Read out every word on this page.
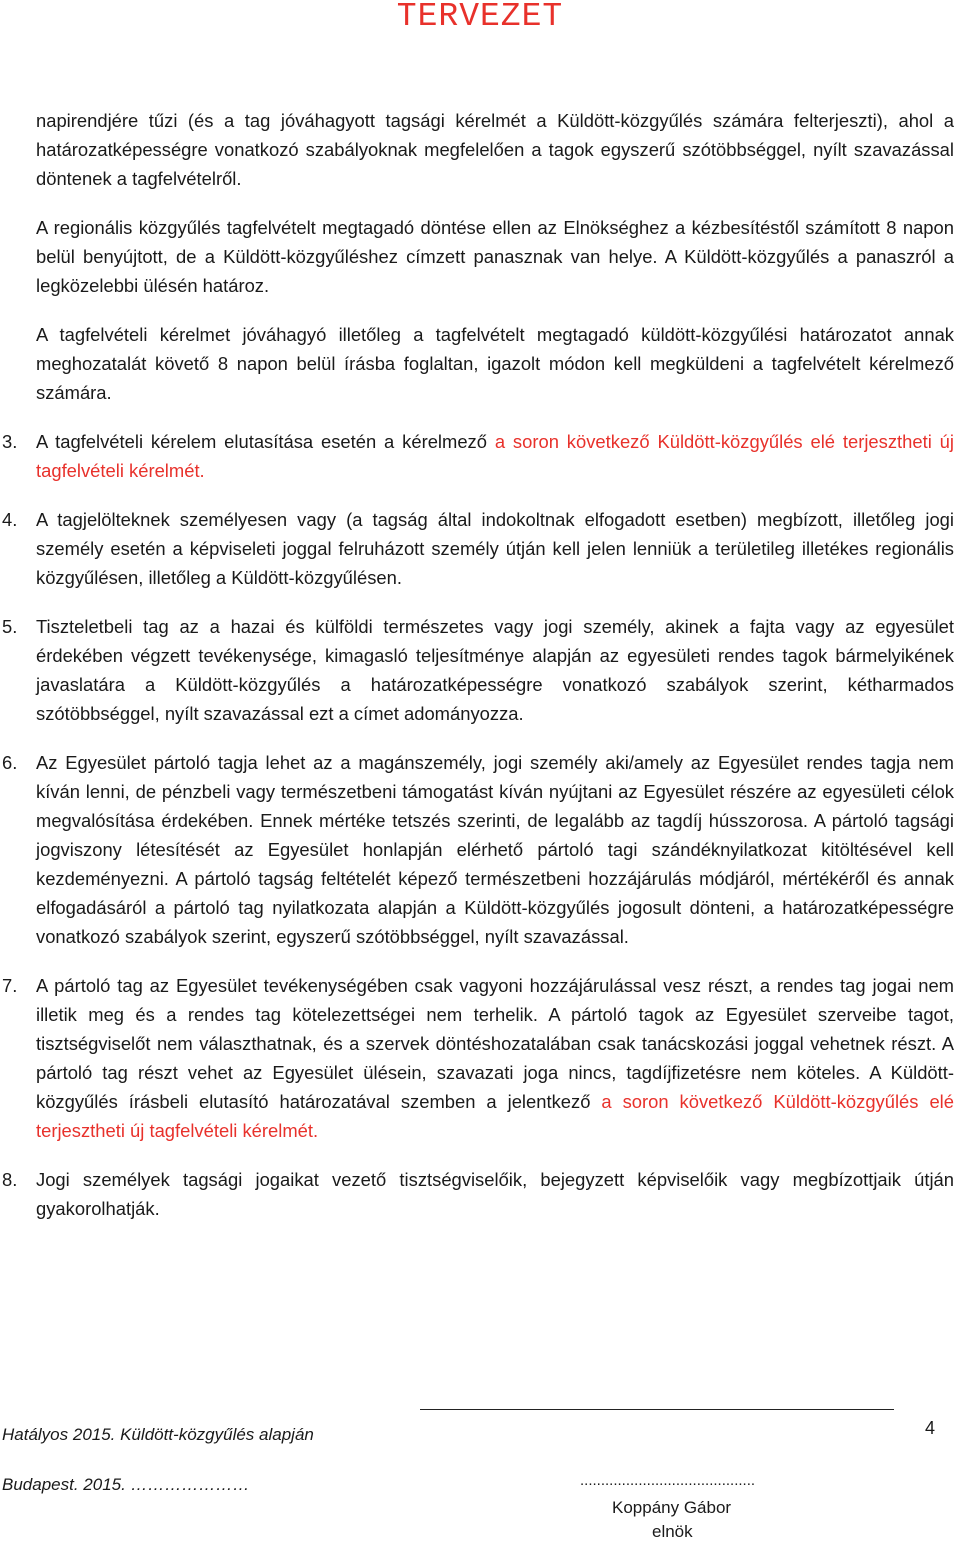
TERVEZET

napirendjére tűzi (és a tag jóváhagyott tagsági kérelmét a Küldött-közgyűlés számára felterjeszti), ahol a határozatképességre vonatkozó szabályoknak megfelelően a tagok egyszerű szótöbbséggel, nyílt szavazással döntenek a tagfelvételről.

A regionális közgyűlés tagfelvételt megtagadó döntése ellen az Elnökséghez a kézbesítéstől számított 8 napon belül benyújtott, de a Küldött-közgyűléshez címzett panasznak van helye. A Küldött-közgyűlés a panaszról a legközelebbi ülésén határoz.

A tagfelvételi kérelmet jóváhagyó illetőleg a tagfelvételt megtagadó küldött-közgyűlési határozatot annak meghozatalát követő 8 napon belül írásba foglaltan, igazolt módon kell megküldeni a tagfelvételt kérelmező számára.

3. A tagfelvételi kérelem elutasítása esetén a kérelmező a soron következő Küldött-közgyűlés elé terjesztheti új tagfelvételi kérelmét.

4. A tagjelölteknek személyesen vagy (a tagság által indokoltnak elfogadott esetben) megbízott, illetőleg jogi személy esetén a képviseleti joggal felruházott személy útján kell jelen lenniük a területileg illetékes regionális közgyűlésen, illetőleg a Küldött-közgyűlésen.

5. Tiszteletbeli tag az a hazai és külföldi természetes vagy jogi személy, akinek a fajta vagy az egyesület érdekében végzett tevékenysége, kimagasló teljesítménye alapján az egyesületi rendes tagok bármelyikének javaslatára a Küldött-közgyűlés a határozatképességre vonatkozó szabályok szerint, kétharmados szótöbbséggel, nyílt szavazással ezt a címet adományozza.

6. Az Egyesület pártoló tagja lehet az a magánszemély, jogi személy aki/amely az Egyesület rendes tagja nem kíván lenni, de pénzbeli vagy természetbeni támogatást kíván nyújtani az Egyesület részére az egyesületi célok megvalósítása érdekében. Ennek mértéke tetszés szerinti, de legalább az tagdíj hússzorosa. A pártoló tagsági jogviszony létesítését az Egyesület honlapján elérhető pártoló tagi szándéknyilatkozat kitöltésével kell kezdeményezni. A pártoló tagság feltételét képező természetbeni hozzájárulás módjáról, mértékéről és annak elfogadásáról a pártoló tag nyilatkozata alapján a Küldött-közgyűlés jogosult dönteni, a határozatképességre vonatkozó szabályok szerint, egyszerű szótöbbséggel, nyílt szavazással.

7. A pártoló tag az Egyesület tevékenységében csak vagyoni hozzájárulással vesz részt, a rendes tag jogai nem illetik meg és a rendes tag kötelezettségei nem terhelik. A pártoló tagok az Egyesület szerveibe tagot, tisztségviselőt nem választhatnak, és a szervek döntéshozatalában csak tanácskozási joggal vehetnek részt. A pártoló tag részt vehet az Egyesület ülésein, szavazati joga nincs, tagdíjfizetésre nem köteles. A Küldött-közgyűlés írásbeli elutasító határozatával szemben a jelentkező a soron következő Küldött-közgyűlés elé terjesztheti új tagfelvételi kérelmét.

8. Jogi személyek tagsági jogaikat vezető tisztségviselőik, bejegyzett képviselőik vagy megbízottjaik útján gyakorolhatják.

Hatályos 2015. Küldött-közgyűlés alapján	4
Budapest. 2015. …………………	..........................................
Koppány Gábor
elnök
